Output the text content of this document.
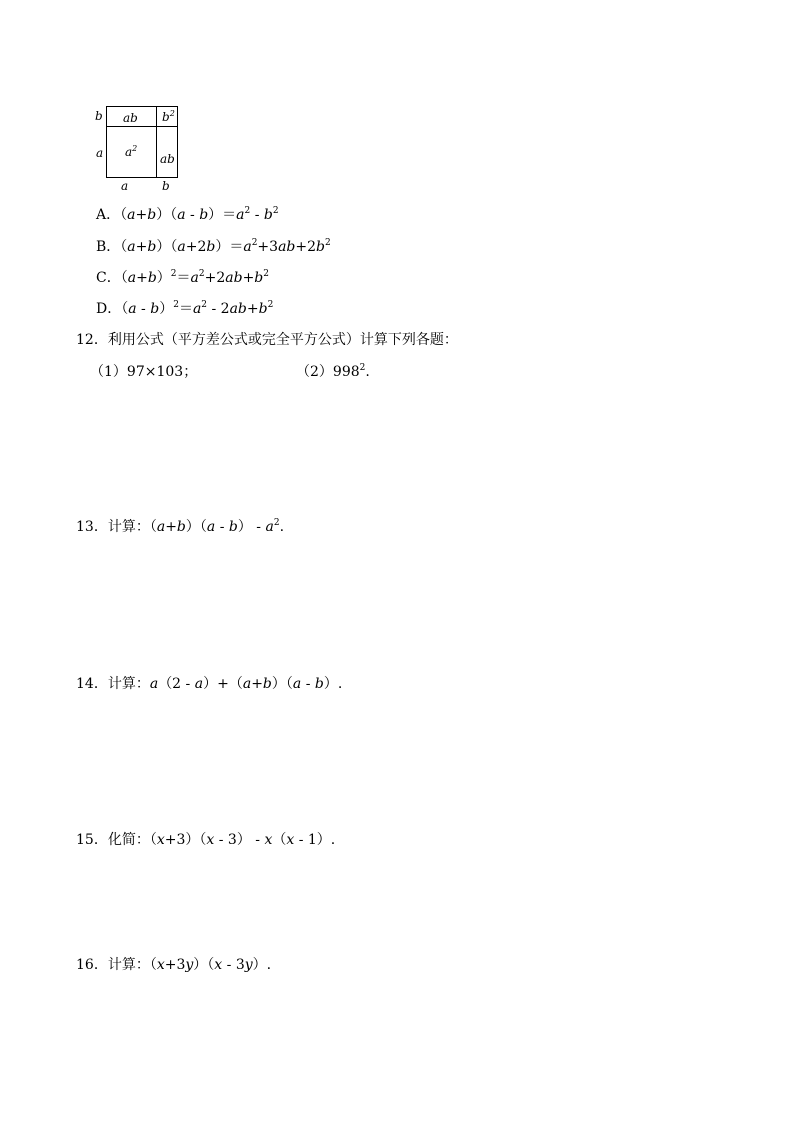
b ab $b^2$
a $a^2$
ab
a	b
A．$(a+b)(a - b)=a^2 - b^2$
B．$(a+b)(a+2b)=a^2+3ab+2b^2$
C．$(a+b)^2=a^2+2ab+b^2$
D．$(a - b)^2=a^2 - 2ab+b^2$
12．利用公式（平方差公式或完全平方公式）计算下列各题：
（1）97×103；	$(2)998^2$.
13．计算：$(a+b)(a - b) - a^2$.
14．计算：a（2 - a）+（a+b）（a - b）.
15．化简：（x+3）（x - 3） - x（x - 1）.
16．计算：（x+3y）（x - 3y）.
